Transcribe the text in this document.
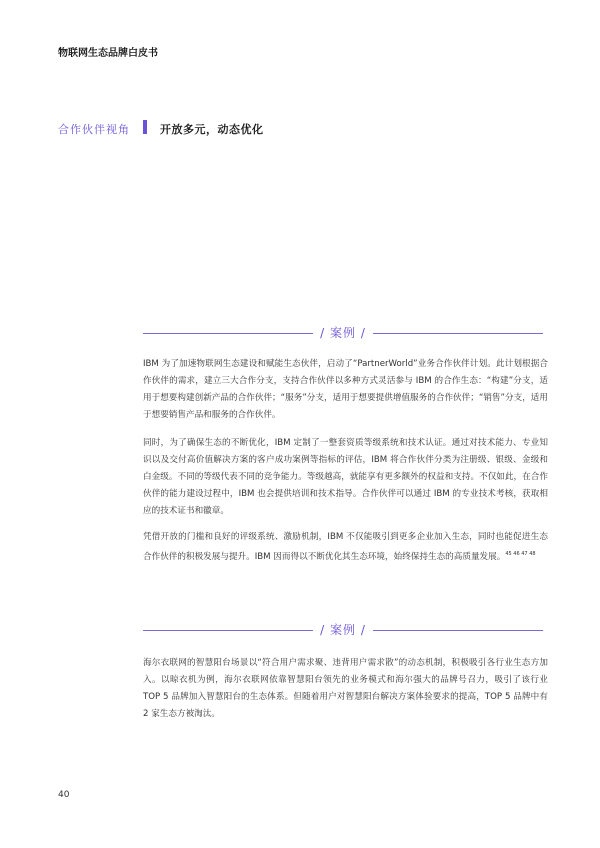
物联网生态品牌白皮书
合作伙伴视角	开放多元，动态优化
/ 案例 /

IBM 为了加速物联网生态建设和赋能生态伙伴，启动了“PartnerWorld”业务合作伙伴计划。此计划根据合作伙伴的需求，建立三大合作分支，支持合作伙伴以多种方式灵活参与 IBM 的合作生态：“构建”分支，适用于想要构建创新产品的合作伙伴；“服务”分支，适用于想要提供增值服务的合作伙伴；“销售”分支，适用于想要销售产品和服务的合作伙伴。

同时，为了确保生态的不断优化，IBM 定制了一整套资质等级系统和技术认证。通过对技术能力、专业知识以及交付高价值解决方案的客户成功案例等指标的评估，IBM 将合作伙伴分类为注册级、银级、金级和白金级。不同的等级代表不同的竞争能力。等级越高，就能享有更多额外的权益和支持。不仅如此，在合作伙伴的能力建设过程中，IBM 也会提供培训和技术指导。合作伙伴可以通过 IBM 的专业技术考核，获取相应的技术证书和徽章。

凭借开放的门槛和良好的评级系统、激励机制，IBM 不仅能吸引到更多企业加入生态，同时也能促进生态合作伙伴的积极发展与提升。IBM 因而得以不断优化其生态环境，始终保持生态的高质量发展。$^{45 46 47 48}$

/ 案例 /

海尔衣联网的智慧阳台场景以“符合用户需求聚、违背用户需求散”的动态机制，积极吸引各行业生态方加入。以晾衣机为例，海尔衣联网依靠智慧阳台领先的业务模式和海尔强大的品牌号召力，吸引了该行业 TOP 5 品牌加入智慧阳台的生态体系。但随着用户对智慧阳台解决方案体验要求的提高，TOP 5 品牌中有 2 家生态方被淘汰。

40
